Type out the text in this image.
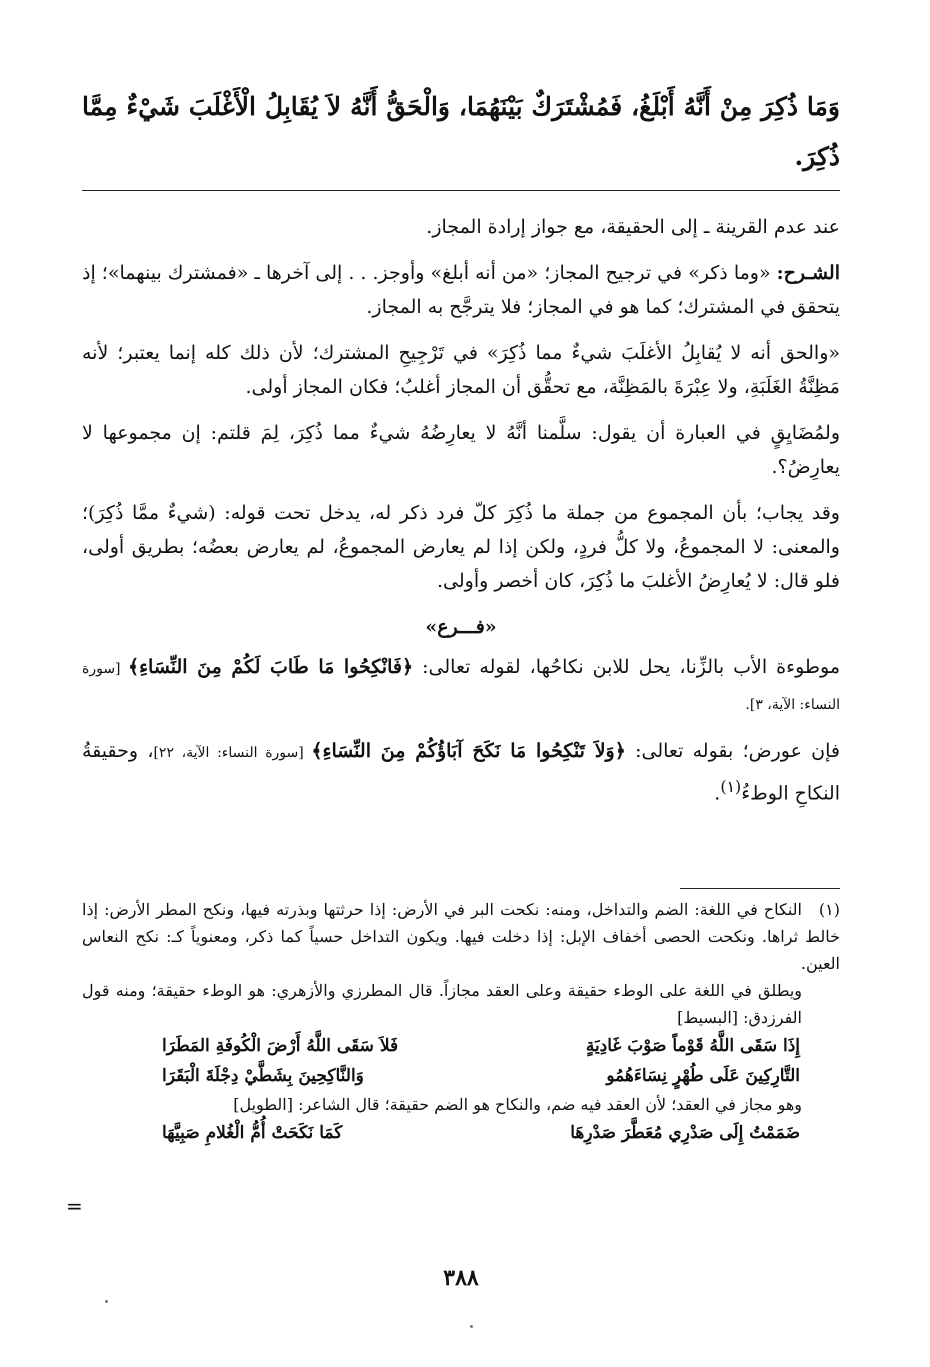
وَمَا ذُكِرَ مِنْ أَنَّهُ أَبْلَغُ، فَمُشْتَرَكٌ بَيْنَهُمَا، وَالْحَقُّ أَنَّهُ لاَ يُقَابِلُ الْأَغْلَبَ شَيْءٌ مِمَّا ذُكِرَ.

عند عدم القرينة ـ إلى الحقيقة، مع جواز إرادة المجاز.

الشـرح: «وما ذكر» في ترجيح المجاز؛ «من أنه أبلغ» وأوجز. . . إلى آخرها ـ «فمشترك بينهما»؛ إذ يتحقق في المشترك؛ كما هو في المجاز؛ فلا يترجَّح به المجاز.

«والحق أنه لا يُقابِلُ الأغلَبَ شيءٌ مما ذُكِرَ» في تَرْجِيحِ المشترك؛ لأن ذلك كله إنما يعتبر؛ لأنه مَظِنَّةُ الغَلَبَةِ، ولا عِبْرَةَ بالمَظِنَّة، مع تحقُّق أن المجاز أغلبُ؛ فكان المجاز أولى.

ولمُضَايِقٍ في العبارة أن يقول: سلَّمنا أنَّهُ لا يعارِضُهُ شيءٌ مما ذُكِرَ، لِمَ قلتم: إن مجموعها لا يعارِضُ؟.

وقد يجاب؛ بأن المجموع من جملة ما ذُكِرَ كلّ فرد ذكر له، يدخل تحت قوله: (شيءٌ ممَّا ذُكِرَ)؛ والمعنى: لا المجموعُ، ولا كلُّ فردٍ، ولكن إذا لم يعارض المجموعُ، لم يعارض بعضُه؛ بطريق أولى، فلو قال: لا يُعارِضُ الأغلبَ ما ذُكِرَ، كان أخصر وأولى.

«فـــرع»

موطوءة الأب بالزِّنا، يحل للابن نكاحُها، لقوله تعالى: ﴿فَانْكِحُوا مَا طَابَ لَكُمْ مِنَ النِّسَاءِ﴾ [سورة النساء: الآية، ٣].

فإن عورض؛ بقوله تعالى: ﴿وَلاَ تَنْكِحُوا مَا نَكَحَ آبَاؤُكُمْ مِنَ النِّسَاءِ﴾ [سورة النساء: الآية، ٢٢]، وحقيقةُ النكاحِ الوطءُ$^{(١)}$.

(١)النكاح في اللغة: الضم والتداخل، ومنه: نكحت البر في الأرض: إذا حرثتها وبذرته فيها، ونكح المطر الأرض: إذا خالط ثراها. ونكحت الحصى أخفاف الإبل: إذا دخلت فيها. ويكون التداخل حسياً كما ذكر، ومعنوياً كـ: نكح النعاس العين.

ويطلق في اللغة على الوطء حقيقة وعلى العقد مجازاً. قال المطرزي والأزهري: هو الوطء حقيقة؛ ومنه قول الفرزدق: [البسيط]

إِذَا سَقَى اللَّهُ قَوْماً صَوْبَ غَادِيَةٍ
فَلاَ سَقَى اللَّهُ أَرْضَ الْكُوفَةِ المَطَرَا
التَّارِكِينَ عَلَى طُهْرٍ نِسَاءَهُمُو
وَالنَّاكِحِينَ بِشَطَّيْ دِجْلَةَ الْبَقَرَا

وهو مجاز في العقد؛ لأن العقد فيه ضم، والنكاح هو الضم حقيقة؛ قال الشاعر: [الطويل]

ضَمَمْتُ إِلَى صَدْرِي مُعَطَّرَ صَدْرِهَا
كَمَا نَكَحَتْ أُمُّ الْغُلامِ صَبِيَّهَا
٣٨٨
=
